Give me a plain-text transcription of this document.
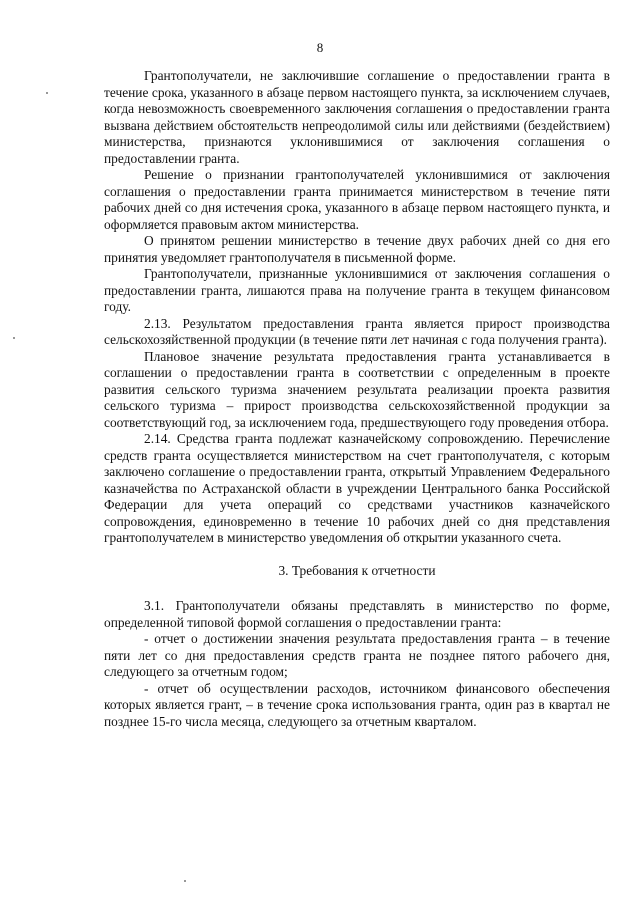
8

Грантополучатели, не заключившие соглашение о предоставлении гранта в течение срока, указанного в абзаце первом настоящего пункта, за исключением случаев, когда невозможность своевременного заключения соглашения о предоставлении гранта вызвана действием обстоятельств непреодолимой силы или действиями (бездействием) министерства, признаются уклонившимися от заключения соглашения о предоставлении гранта.

Решение о признании грантополучателей уклонившимися от заключения соглашения о предоставлении гранта принимается министерством в течение пяти рабочих дней со дня истечения срока, указанного в абзаце первом настоящего пункта, и оформляется правовым актом министерства.

О принятом решении министерство в течение двух рабочих дней со дня его принятия уведомляет грантополучателя в письменной форме.

Грантополучатели, признанные уклонившимися от заключения соглашения о предоставлении гранта, лишаются права на получение гранта в текущем финансовом году.

2.13. Результатом предоставления гранта является прирост производства сельскохозяйственной продукции (в течение пяти лет начиная с года получения гранта).

Плановое значение результата предоставления гранта устанавливается в соглашении о предоставлении гранта в соответствии с определенным в проекте развития сельского туризма значением результата реализации проекта развития сельского туризма – прирост производства сельскохозяйственной продукции за соответствующий год, за исключением года, предшествующего году проведения отбора.

2.14. Средства гранта подлежат казначейскому сопровождению. Перечисление средств гранта осуществляется министерством на счет грантополучателя, с которым заключено соглашение о предоставлении гранта, открытый Управлением Федерального казначейства по Астраханской области в учреждении Центрального банка Российской Федерации для учета операций со средствами участников казначейского сопровождения, единовременно в течение 10 рабочих дней со дня представления грантополучателем в министерство уведомления об открытии указанного счета.

3. Требования к отчетности

3.1. Грантополучатели обязаны представлять в министерство по форме, определенной типовой формой соглашения о предоставлении гранта:

- отчет о достижении значения результата предоставления гранта – в течение пяти лет со дня предоставления средств гранта не позднее пятого рабочего дня, следующего за отчетным годом;

- отчет об осуществлении расходов, источником финансового обеспечения которых является грант, – в течение срока использования гранта, один раз в квартал не позднее 15-го числа месяца, следующего за отчетным кварталом.
